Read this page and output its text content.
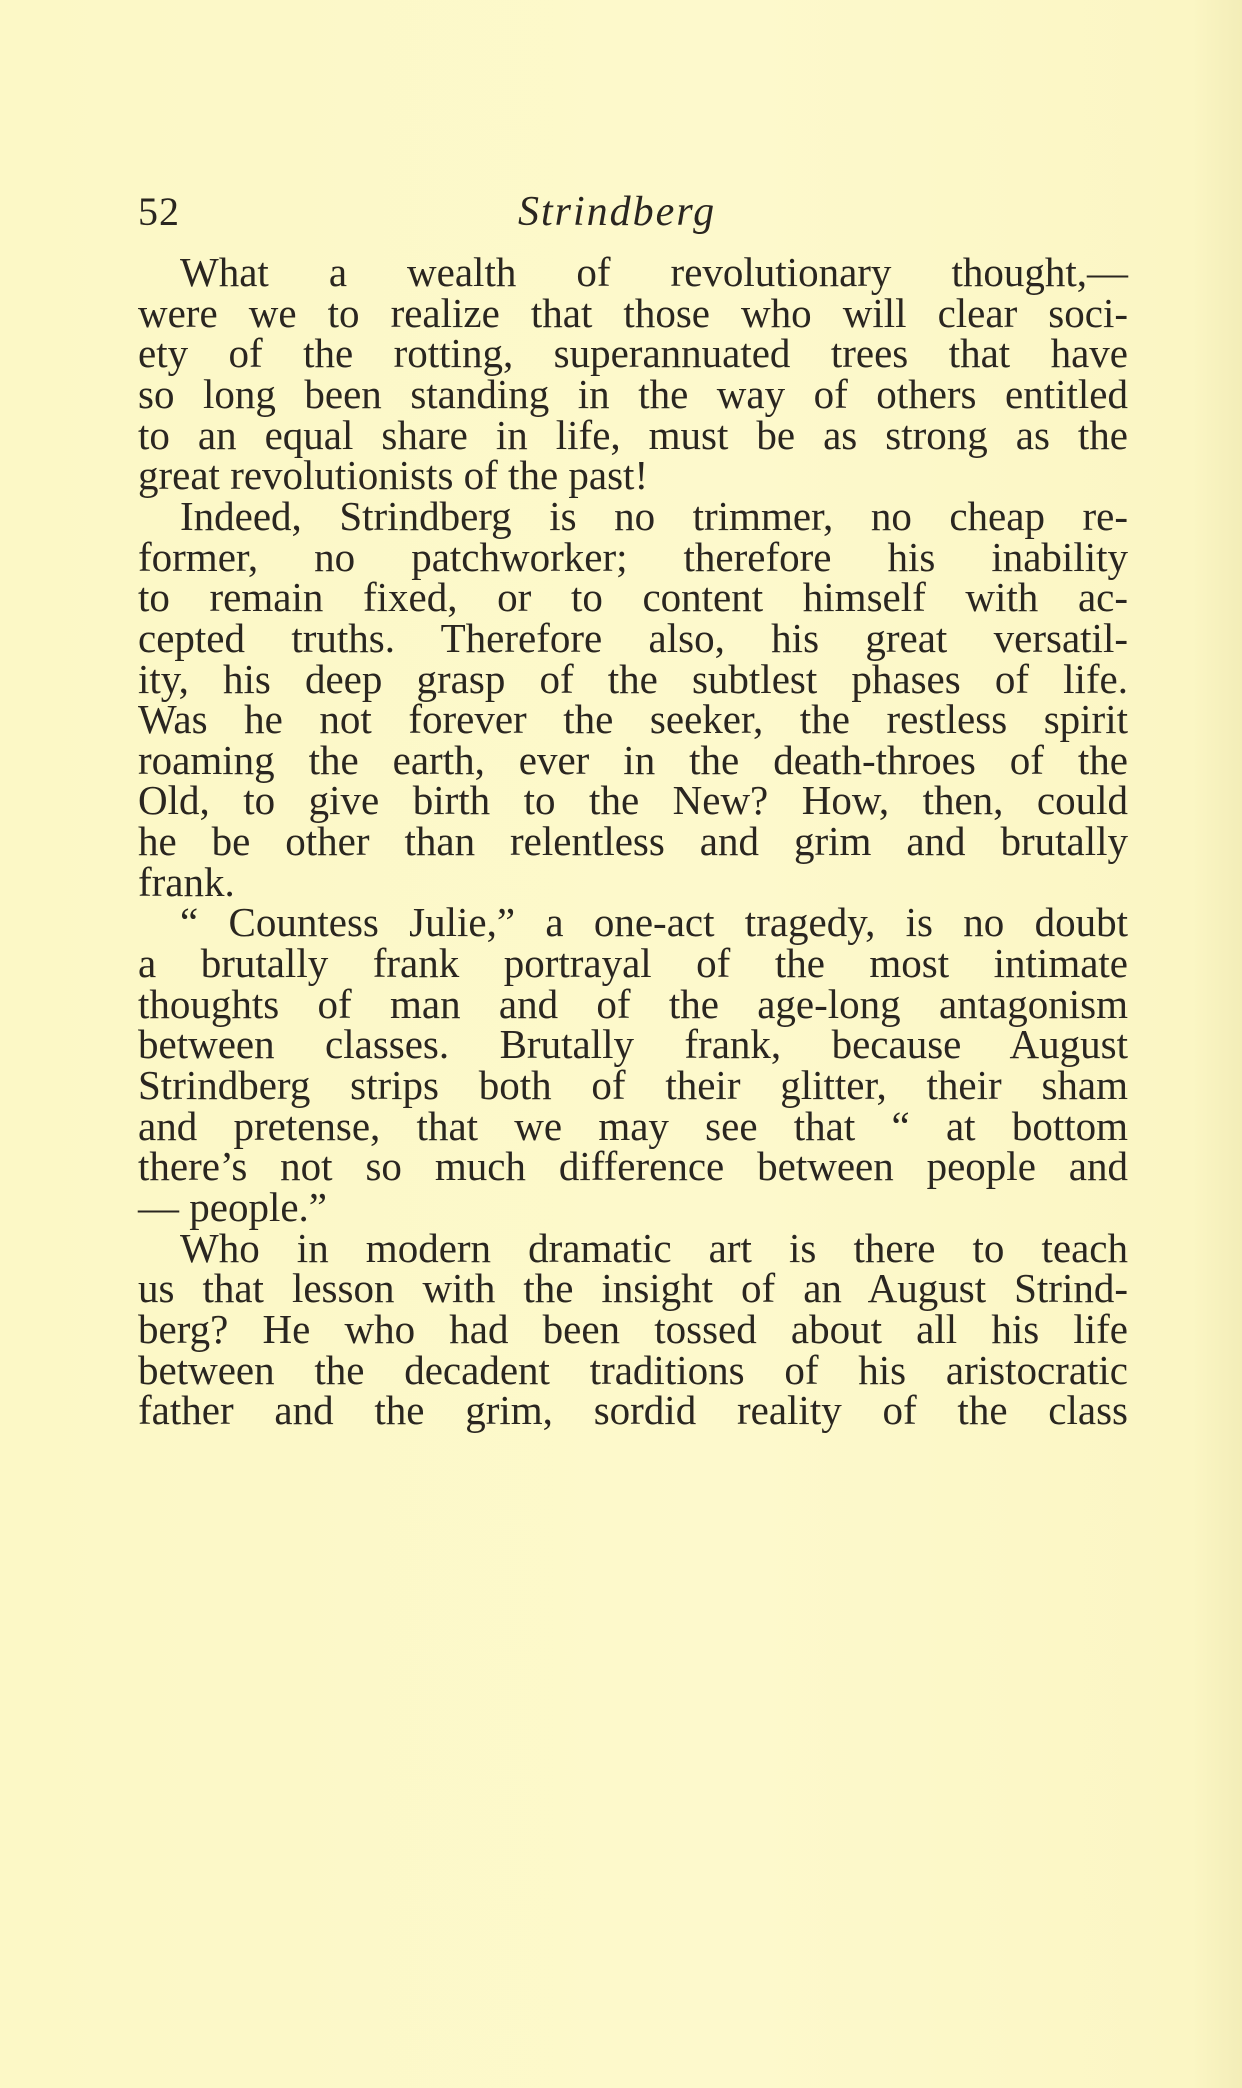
52	Strindberg
What a wealth of revolutionary thought,—
were we to realize that those who will clear soci-
ety of the rotting, superannuated trees that have
so long been standing in the way of others entitled
to an equal share in life, must be as strong as the
great revolutionists of the past!
Indeed, Strindberg is no trimmer, no cheap re-
former, no patchworker; therefore his inability
to remain fixed, or to content himself with ac-
cepted truths. Therefore also, his great versatil-
ity, his deep grasp of the subtlest phases of life.
Was he not forever the seeker, the restless spirit
roaming the earth, ever in the death-throes of the
Old, to give birth to the New? How, then, could
he be other than relentless and grim and brutally
frank.
“ Countess Julie,” a one-act tragedy, is no doubt
a brutally frank portrayal of the most intimate
thoughts of man and of the age-long antagonism
between classes. Brutally frank, because August
Strindberg strips both of their glitter, their sham
and pretense, that we may see that “ at bottom
there’s not so much difference between people and
— people.”
Who in modern dramatic art is there to teach
us that lesson with the insight of an August Strind-
berg? He who had been tossed about all his life
between the decadent traditions of his aristocratic
father and the grim, sordid reality of the class
